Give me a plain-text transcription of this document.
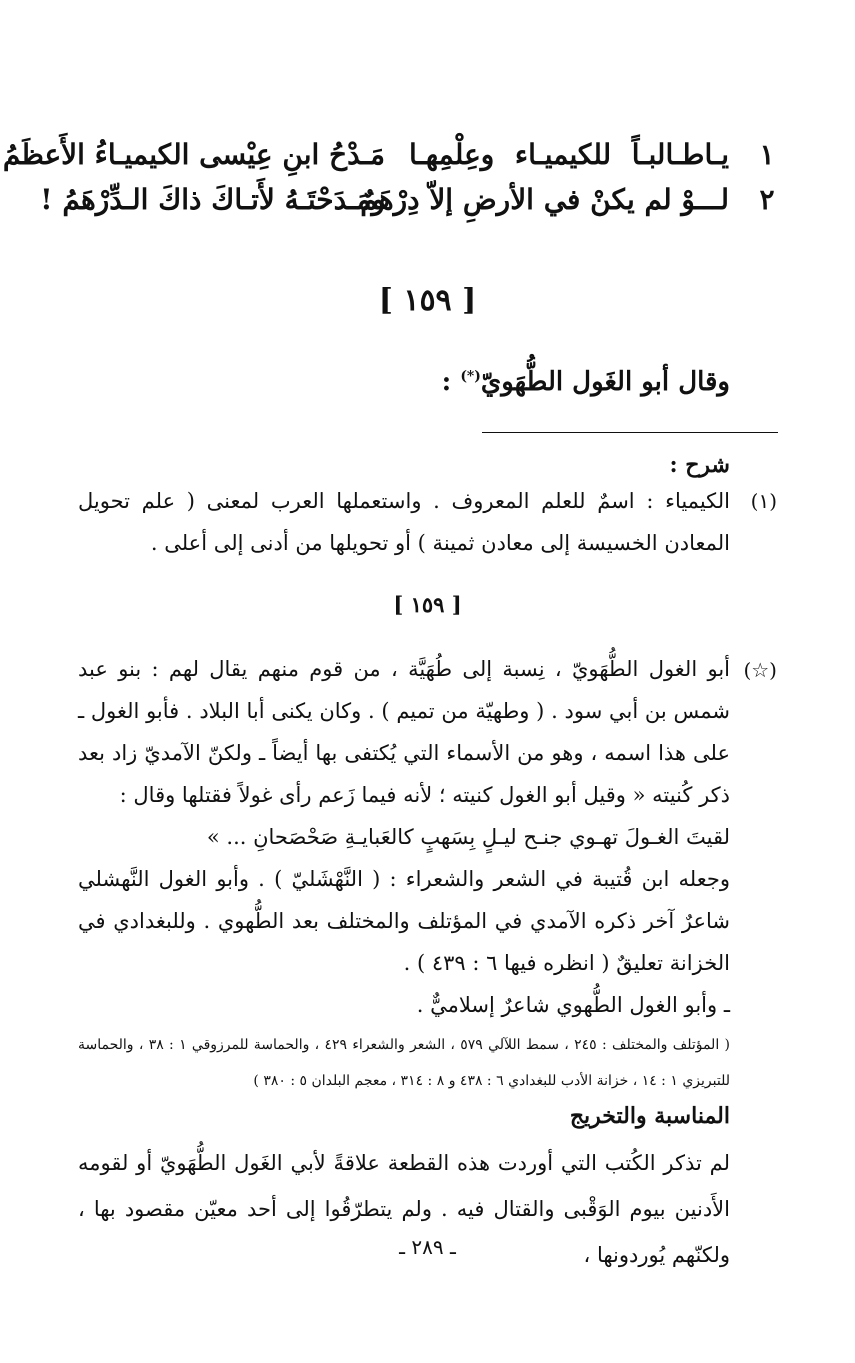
١
يـاطـالبـاً للكيميـاء وعِلْمِهـا
مَـدْحُ ابنِ عِيْسى الكيميـاءُ الأَعظَمُ
٢
لـــوْ لم يكنْ في الأرضِ إلاّ دِرْهَمٌ
ومَـدَحْتَـهُ لأَتـاكَ ذاكَ الـدِّرْهَمُ !
[ ١٥٩ ]
وقال أبو الغَول الطُّهَويّ(*) :
شرح :
(١)
الكيمياء : اسمٌ للعلم المعروف . واستعملها العرب لمعنى ( علم تحويل المعادن الخسيسة إلى معادن ثمينة ) أو تحويلها من أدنى إلى أعلى .
[ ١٥٩ ]
(☆)
أبو الغول الطُّهَويّ ، نِسبة إلى طُهَيَّة ، من قوم منهم يقال لهم : بنو عبد شمس بن أبي سود . ( وطهيّة من تميم ) . وكان يكنى أبا البلاد . فأبو الغول ـ على هذا اسمه ، وهو من الأسماء التي يُكتفى بها أيضاً ـ ولكنّ الآمديّ زاد بعد ذكر كُنيته « وقيل أبو الغول كنيته ؛ لأنه فيما زَعم رأى غولاً فقتلها وقال :
لقيتَ الغـولَ تهـوي جنـح ليـلٍ بِسَهبٍ كالعَبايـةِ صَحْصَحانِ ... »
وجعله ابن قُتيبة في الشعر والشعراء : ( النَّهْشَليّ ) . وأبو الغول النَّهشلي شاعرٌ آخر ذكره الآمدي في المؤتلف والمختلف بعد الطُّهوي . وللبغدادي في الخزانة تعليقٌ ( انظره فيها ٦ : ٤٣٩ ) .
ـ وأبو الغول الطُّهوي شاعرٌ إسلاميٌّ .
( المؤتلف والمختلف : ٢٤٥ ، سمط اللآلي ٥٧٩ ، الشعر والشعراء ٤٢٩ ، والحماسة للمرزوقي ١ : ٣٨ ، والحماسة للتبريزي ١ : ١٤ ، خزانة الأدب للبغدادي ٦ : ٤٣٨ و ٨ : ٣١٤ ، معجم البلدان ٥ : ٣٨٠ )
المناسبة والتخريج
لم تذكر الكُتب التي أوردت هذه القطعة علاقةً لأبي الغَول الطُّهَويّ أو لقومه الأَدنين بيوم الوَقْبى والقتال فيه . ولم يتطرّقُوا إلى أحد معيّن مقصود بها ، ولكنّهم يُوردونها ،
ـ ٢٨٩ ـ
